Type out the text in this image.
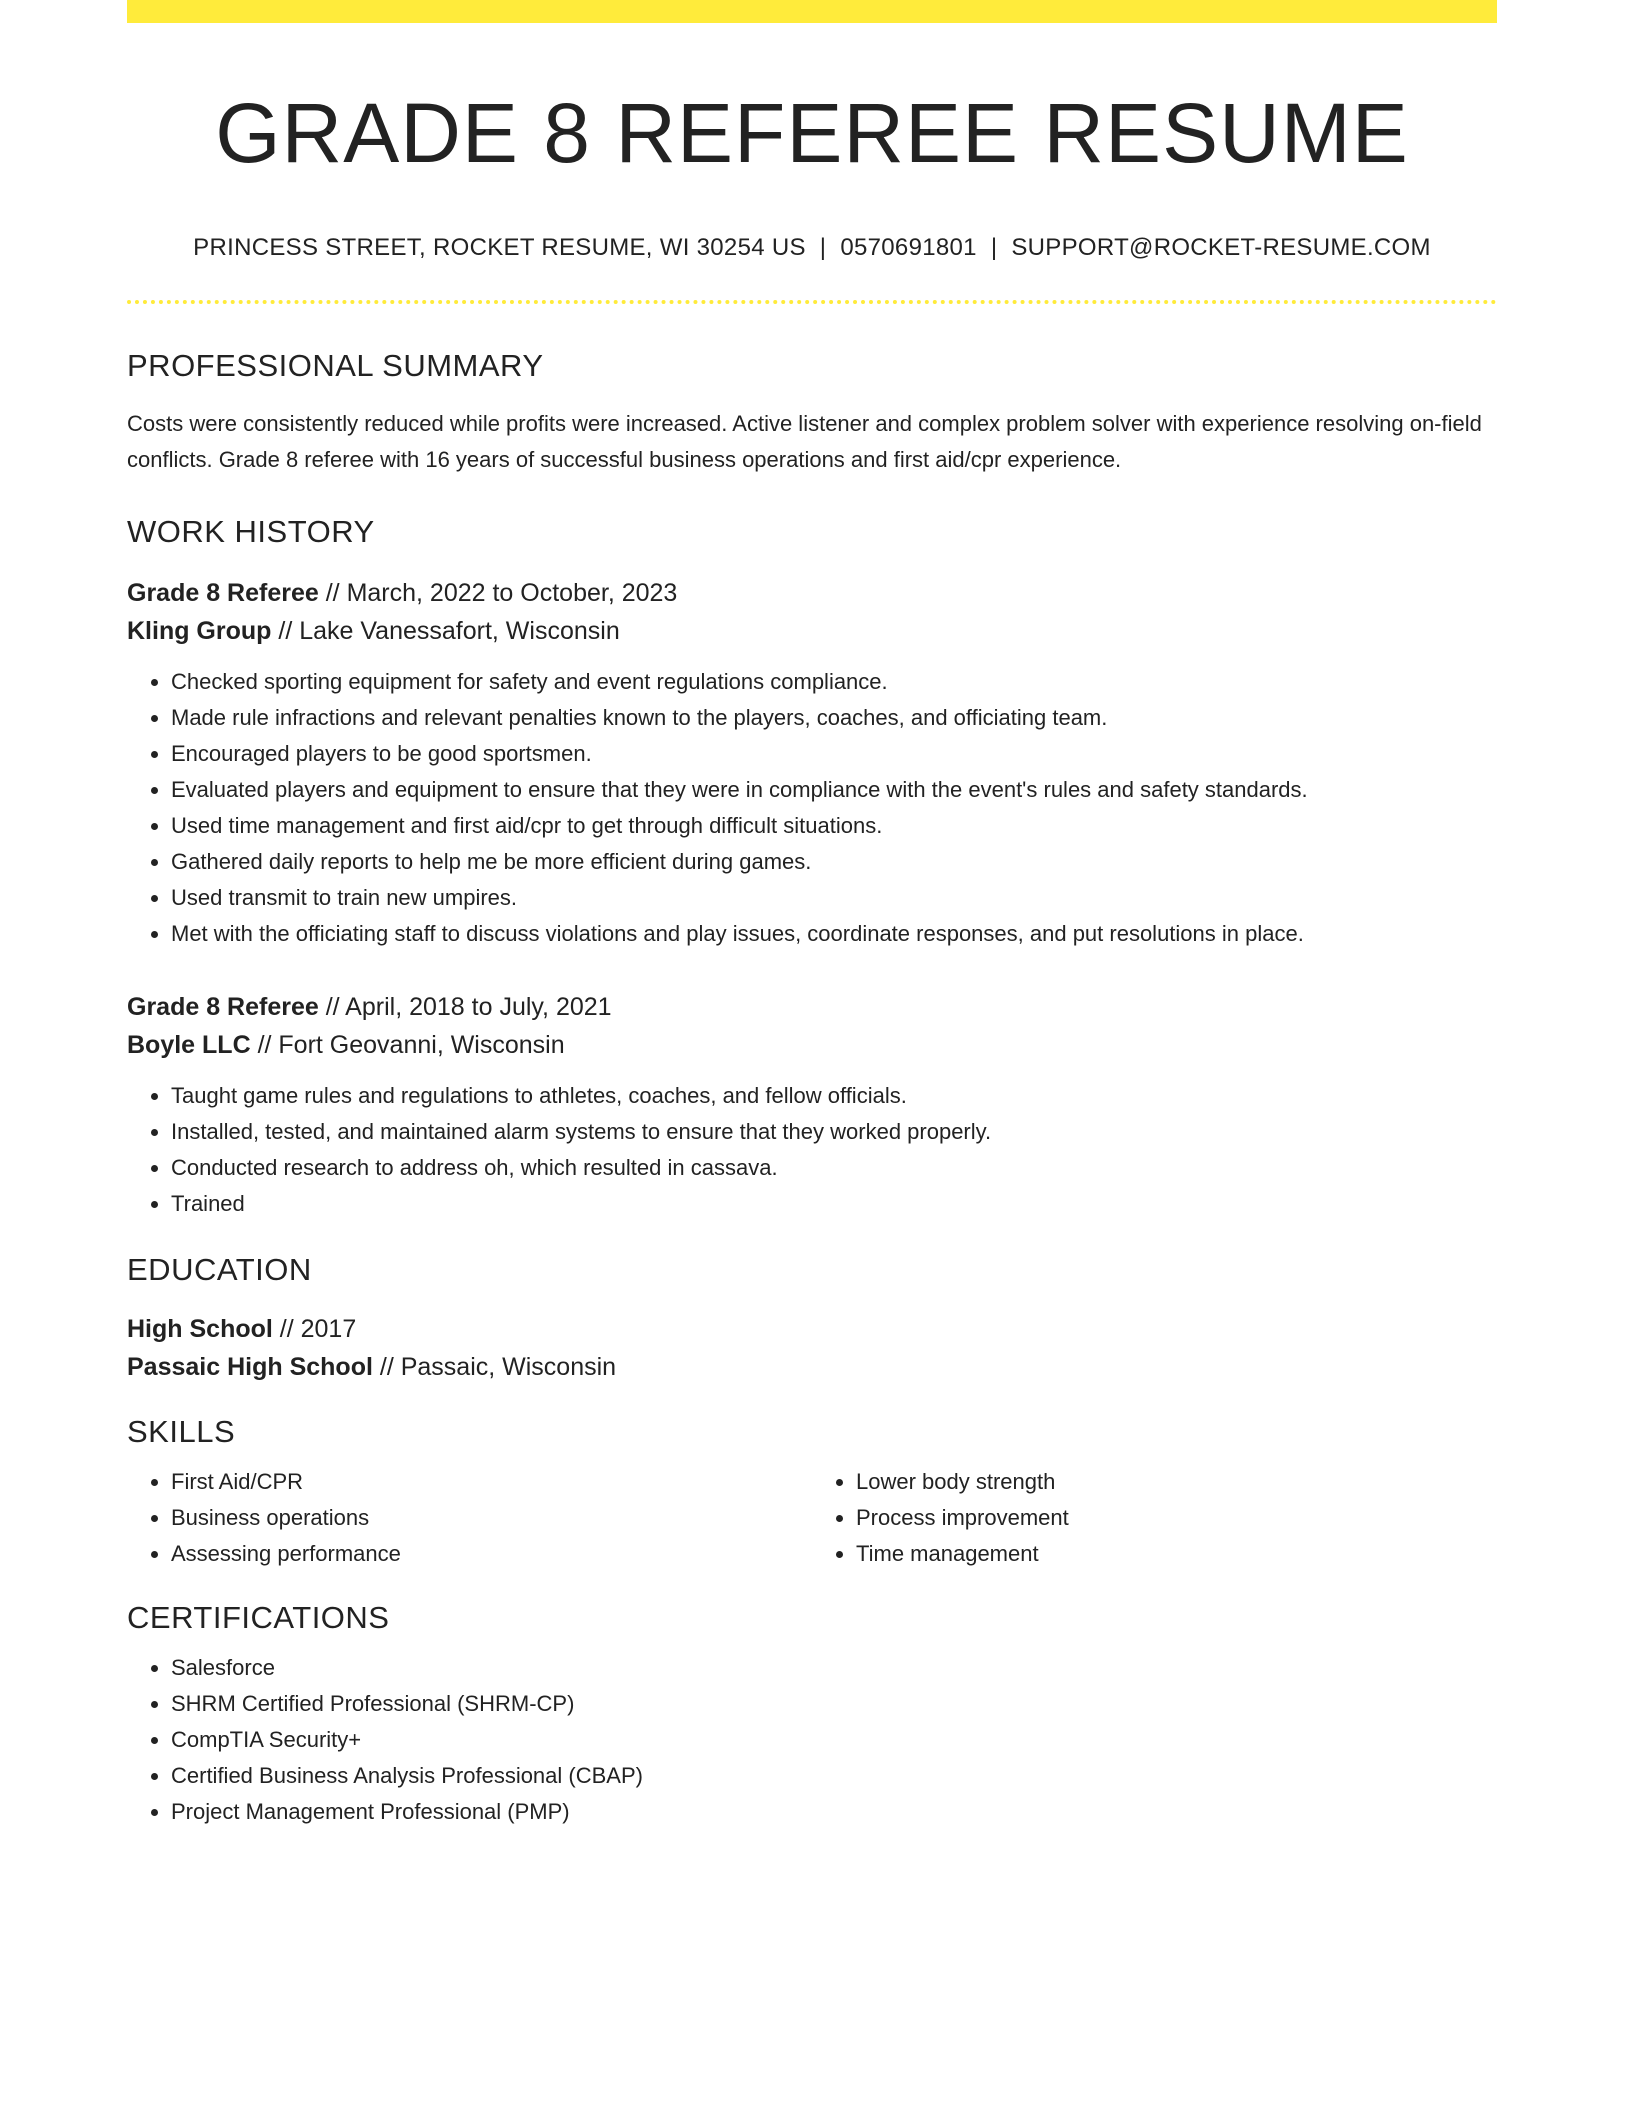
GRADE 8 REFEREE RESUME
PRINCESS STREET, ROCKET RESUME, WI 30254 US | 0570691801 | SUPPORT@ROCKET-RESUME.COM
PROFESSIONAL SUMMARY
Costs were consistently reduced while profits were increased. Active listener and complex problem solver with experience resolving on-field conflicts. Grade 8 referee with 16 years of successful business operations and first aid/cpr experience.
WORK HISTORY
Grade 8 Referee // March, 2022 to October, 2023
Kling Group // Lake Vanessafort, Wisconsin
• Checked sporting equipment for safety and event regulations compliance.
• Made rule infractions and relevant penalties known to the players, coaches, and officiating team.
• Encouraged players to be good sportsmen.
• Evaluated players and equipment to ensure that they were in compliance with the event's rules and safety standards.
• Used time management and first aid/cpr to get through difficult situations.
• Gathered daily reports to help me be more efficient during games.
• Used transmit to train new umpires.
• Met with the officiating staff to discuss violations and play issues, coordinate responses, and put resolutions in place.
Grade 8 Referee // April, 2018 to July, 2021
Boyle LLC // Fort Geovanni, Wisconsin
• Taught game rules and regulations to athletes, coaches, and fellow officials.
• Installed, tested, and maintained alarm systems to ensure that they worked properly.
• Conducted research to address oh, which resulted in cassava.
• Trained
EDUCATION
High School // 2017
Passaic High School // Passaic, Wisconsin
SKILLS
• First Aid/CPR
• Business operations
• Assessing performance
• Lower body strength
• Process improvement
• Time management
CERTIFICATIONS
• Salesforce
• SHRM Certified Professional (SHRM-CP)
• CompTIA Security+
• Certified Business Analysis Professional (CBAP)
• Project Management Professional (PMP)
